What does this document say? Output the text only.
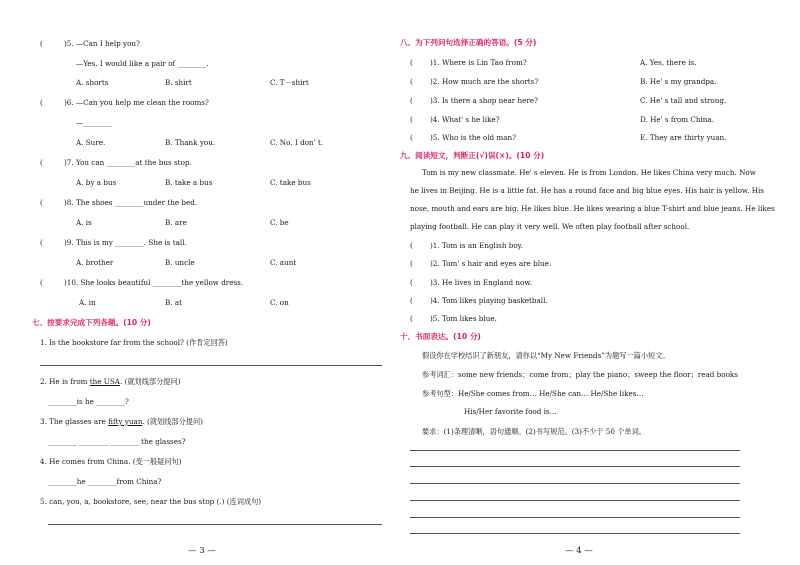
(	)5. —Can I help you?
—Yes, I would like a pair of ________.
A. shorts	B. shirt	C. T－shirt
(	)6. —Can you help me clean the rooms?
—________
A. Sure.	B. Thank you.	C. No, I don' t.
(	)7. You can ________at the bus stop.
A. by a bus	B. take a bus	C. take bus
(	)8. The shoes ________under the bed.
A. is	B. are	C. be
(	)9. This is my ________. She is tall.
A. brother	B. uncle	C. aunt
(	)10. She looks beautiful ________the yellow dress.
A. in	B. at	C. on
七、按要求完成下列各题。(10 分)
1. Is the bookstore far from the school? (作肯定回答)
2. He is from the USA. (就划线部分提问)
________is he ________?
3. The glasses are fifty yuan. (就划线部分提问)
________ ________ ________ the glasses?
4. He comes from China. (变一般疑问句)
________he ________from China?
5. can, you, a, bookstore, see, near the bus stop (.) (连词成句)
— 3 —
八、为下列问句选择正确的答语。(5 分)
( )1. Where is Lin Tao from?	A. Yes, there is.
( )2. How much are the shorts?	B. He' s my grandpa.
( )3. Is there a shop near here?	C. He' s tall and strong.
( )4. What' s he like?	D. He' s from China.
( )5. Who is the old man?	E. They are thirty yuan.
九、阅读短文，判断正(√)误(×)。(10 分)
Tom is my new classmate. He' s eleven. He is from London. He likes China very much. Now
he lives in Beijing. He is a little fat. He has a round face and big blue eyes. His hair is yellow. His
nose, mouth and ears are big. He likes blue. He likes wearing a blue T-shirt and blue jeans. He likes
playing football. He can play it very well. We often play football after school.
( )1. Tom is an English boy.
( )2. Tom' s hair and eyes are blue.
( )3. He lives in England now.
( )4. Tom likes playing basketball.
( )5. Tom likes blue.
十、书面表达。(10 分)
假设你在学校结识了新朋友，请你以“My New Friends”为题写一篇小短文。
参考词汇：some new friends；come from；play the piano；sweep the floor；read books
参考句型：He/She comes from… He/She can… He/She likes…
His/Her favorite food is…
要求：(1)条理清晰，语句通顺。(2)书写规范。(3)不少于 50 个单词。
— 4 —
